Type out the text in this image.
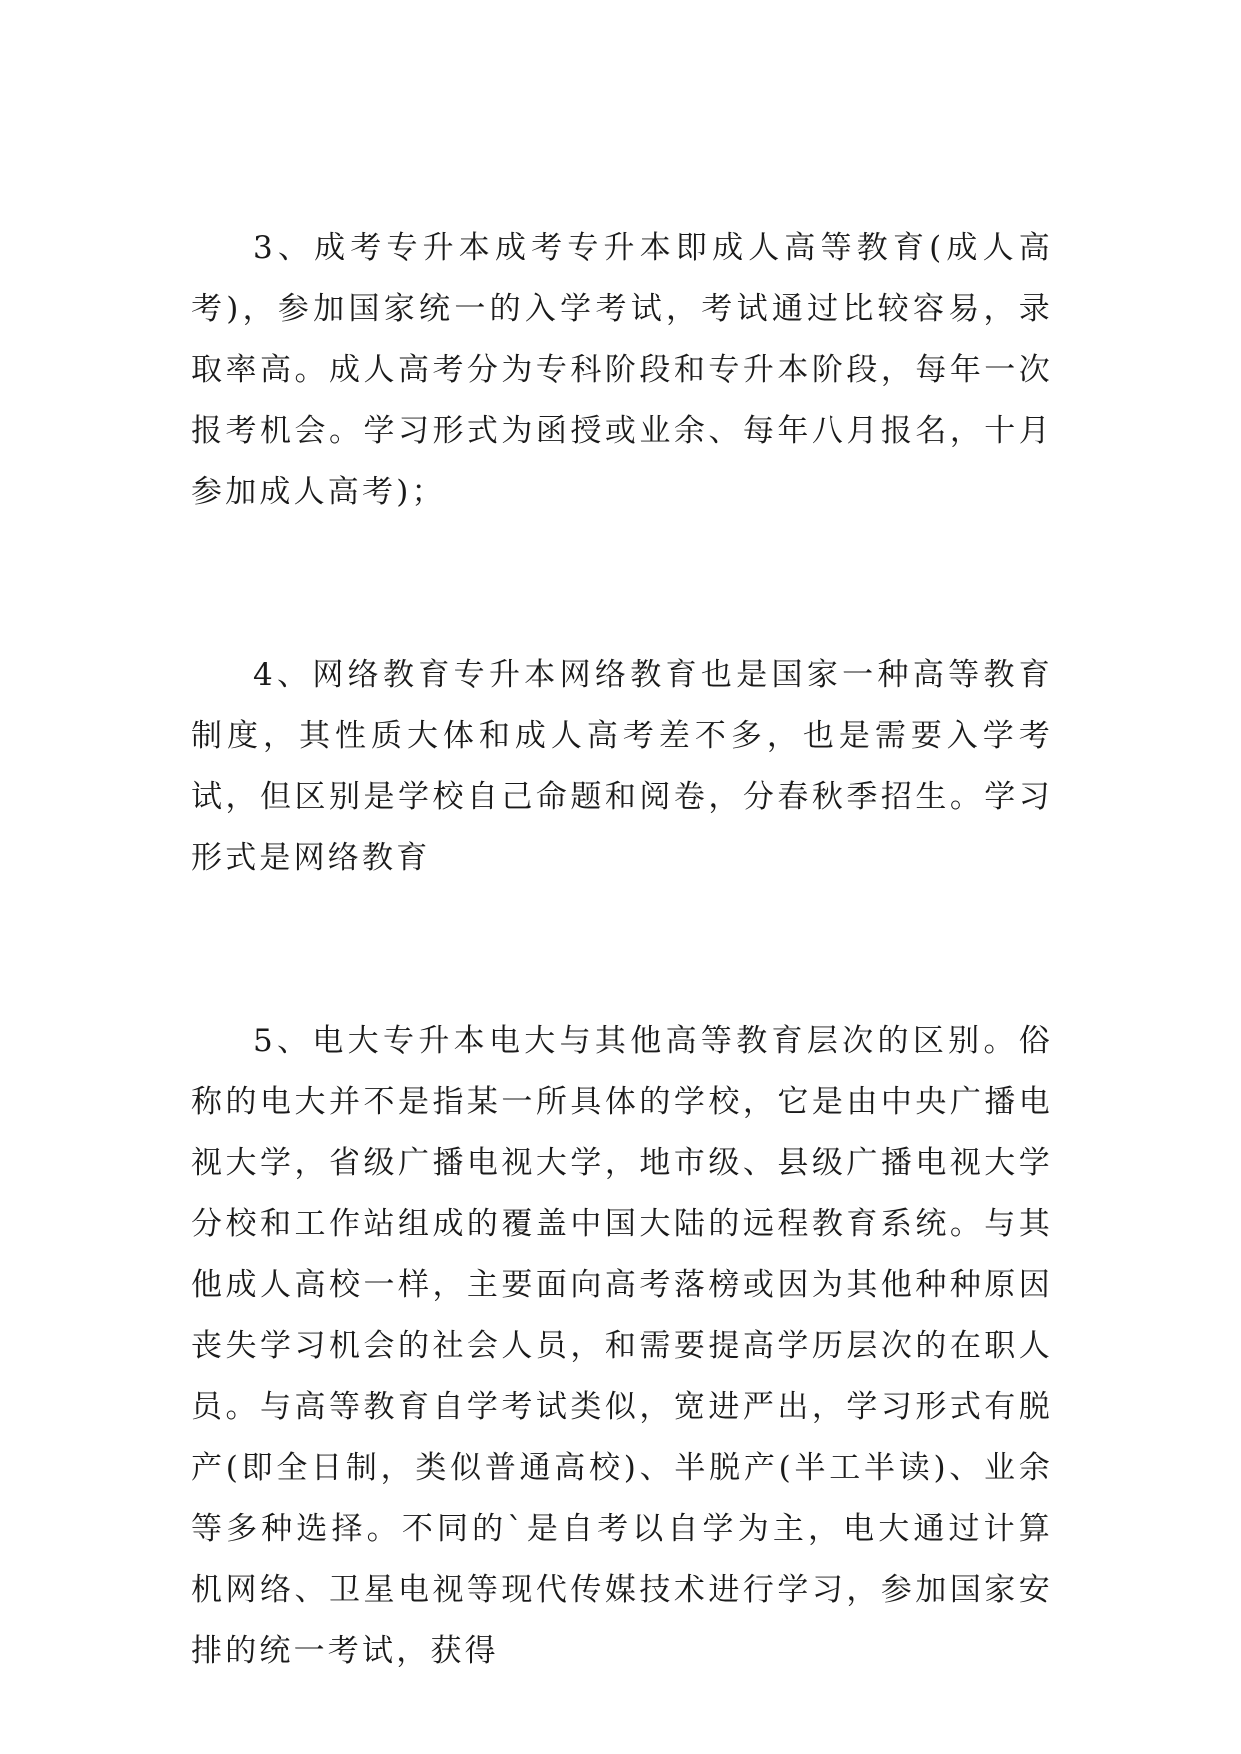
3、成考专升本成考专升本即成人高等教育(成人高考)，参加国家统一的入学考试，考试通过比较容易，录取率高。成人高考分为专科阶段和专升本阶段，每年一次报考机会。学习形式为函授或业余、每年八月报名，十月参加成人高考)；

4、网络教育专升本网络教育也是国家一种高等教育制度，其性质大体和成人高考差不多，也是需要入学考试，但区别是学校自己命题和阅卷，分春秋季招生。学习形式是网络教育

5、电大专升本电大与其他高等教育层次的区别。俗称的电大并不是指某一所具体的学校，它是由中央广播电视大学，省级广播电视大学，地市级、县级广播电视大学分校和工作站组成的覆盖中国大陆的远程教育系统。与其他成人高校一样，主要面向高考落榜或因为其他种种原因丧失学习机会的社会人员，和需要提高学历层次的在职人员。与高等教育自学考试类似，宽进严出，学习形式有脱产(即全日制，类似普通高校)、半脱产(半工半读)、业余等多种选择。不同的`是自考以自学为主，电大通过计算机网络、卫星电视等现代传媒技术进行学习，参加国家安排的统一考试，获得
